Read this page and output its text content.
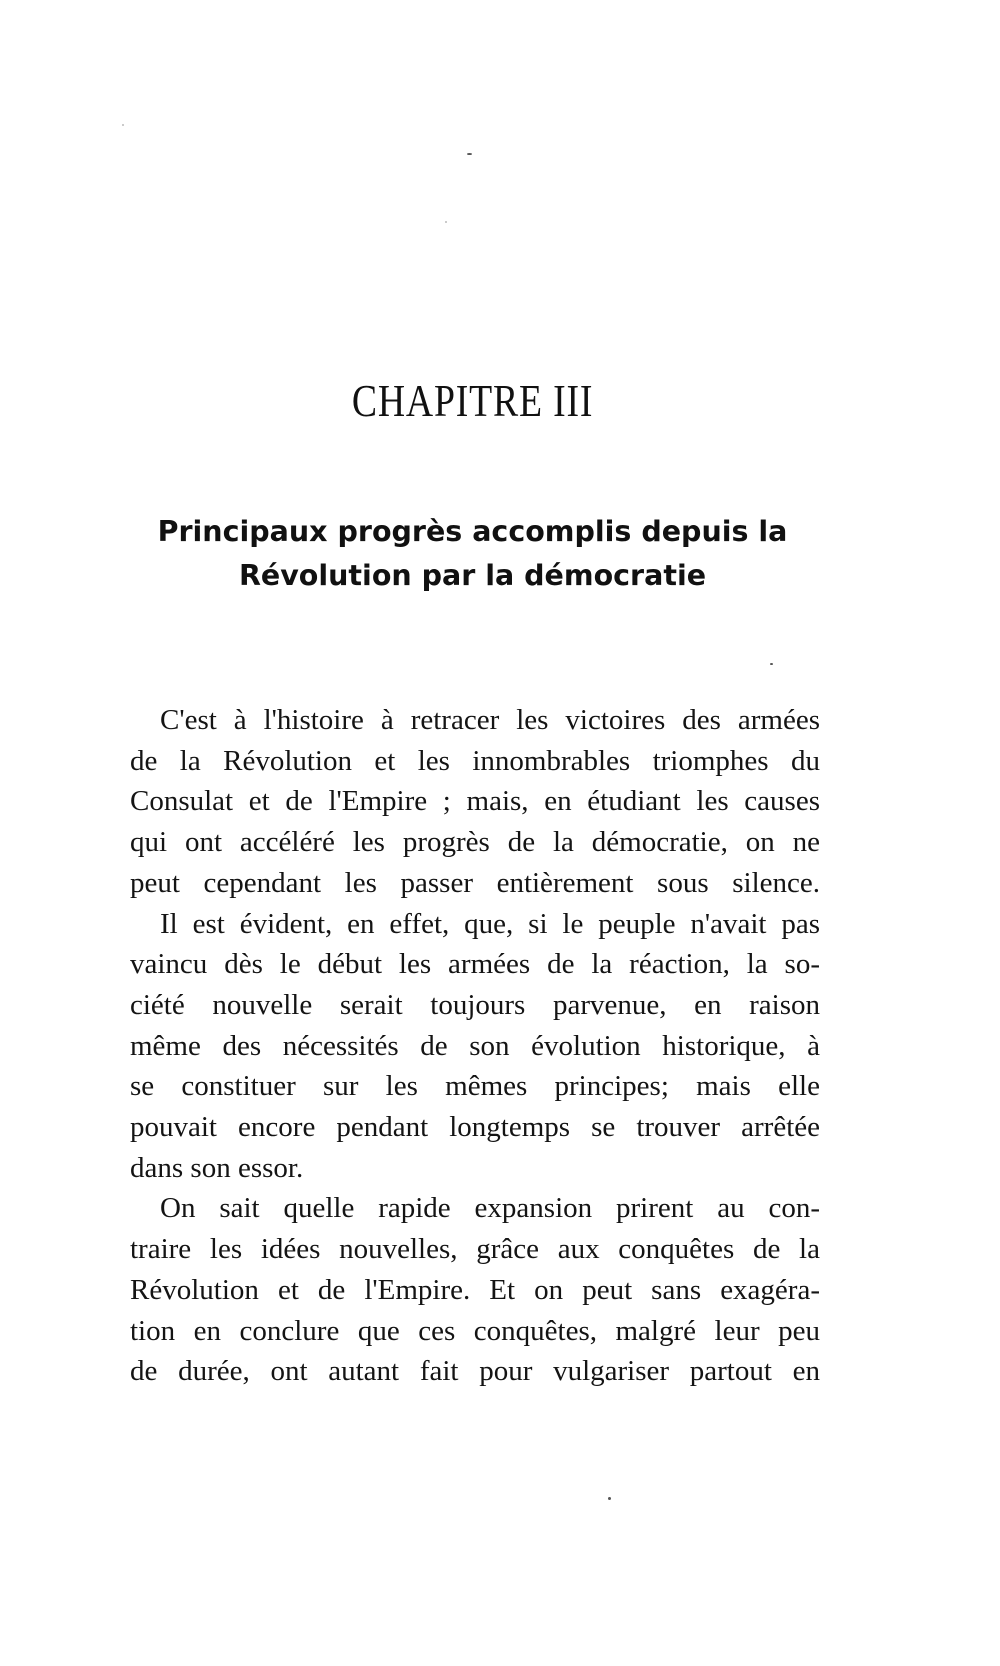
CHAPITRE III
Principaux progrès accomplis depuis la
Révolution par la démocratie

C'est à l'histoire à retracer les victoires des armées
de la Révolution et les innombrables triomphes du
Consulat et de l'Empire ; mais, en étudiant les causes
qui ont accéléré les progrès de la démocratie, on ne
peut cependant les passer entièrement sous silence.

Il est évident, en effet, que, si le peuple n'avait pas
vaincu dès le début les armées de la réaction, la so-
ciété nouvelle serait toujours parvenue, en raison
même des nécessités de son évolution historique, à
se constituer sur les mêmes principes; mais elle
pouvait encore pendant longtemps se trouver arrêtée
dans son essor.

On sait quelle rapide expansion prirent au con-
traire les idées nouvelles, grâce aux conquêtes de la
Révolution et de l'Empire. Et on peut sans exagéra-
tion en conclure que ces conquêtes, malgré leur peu
de durée, ont autant fait pour vulgariser partout en
